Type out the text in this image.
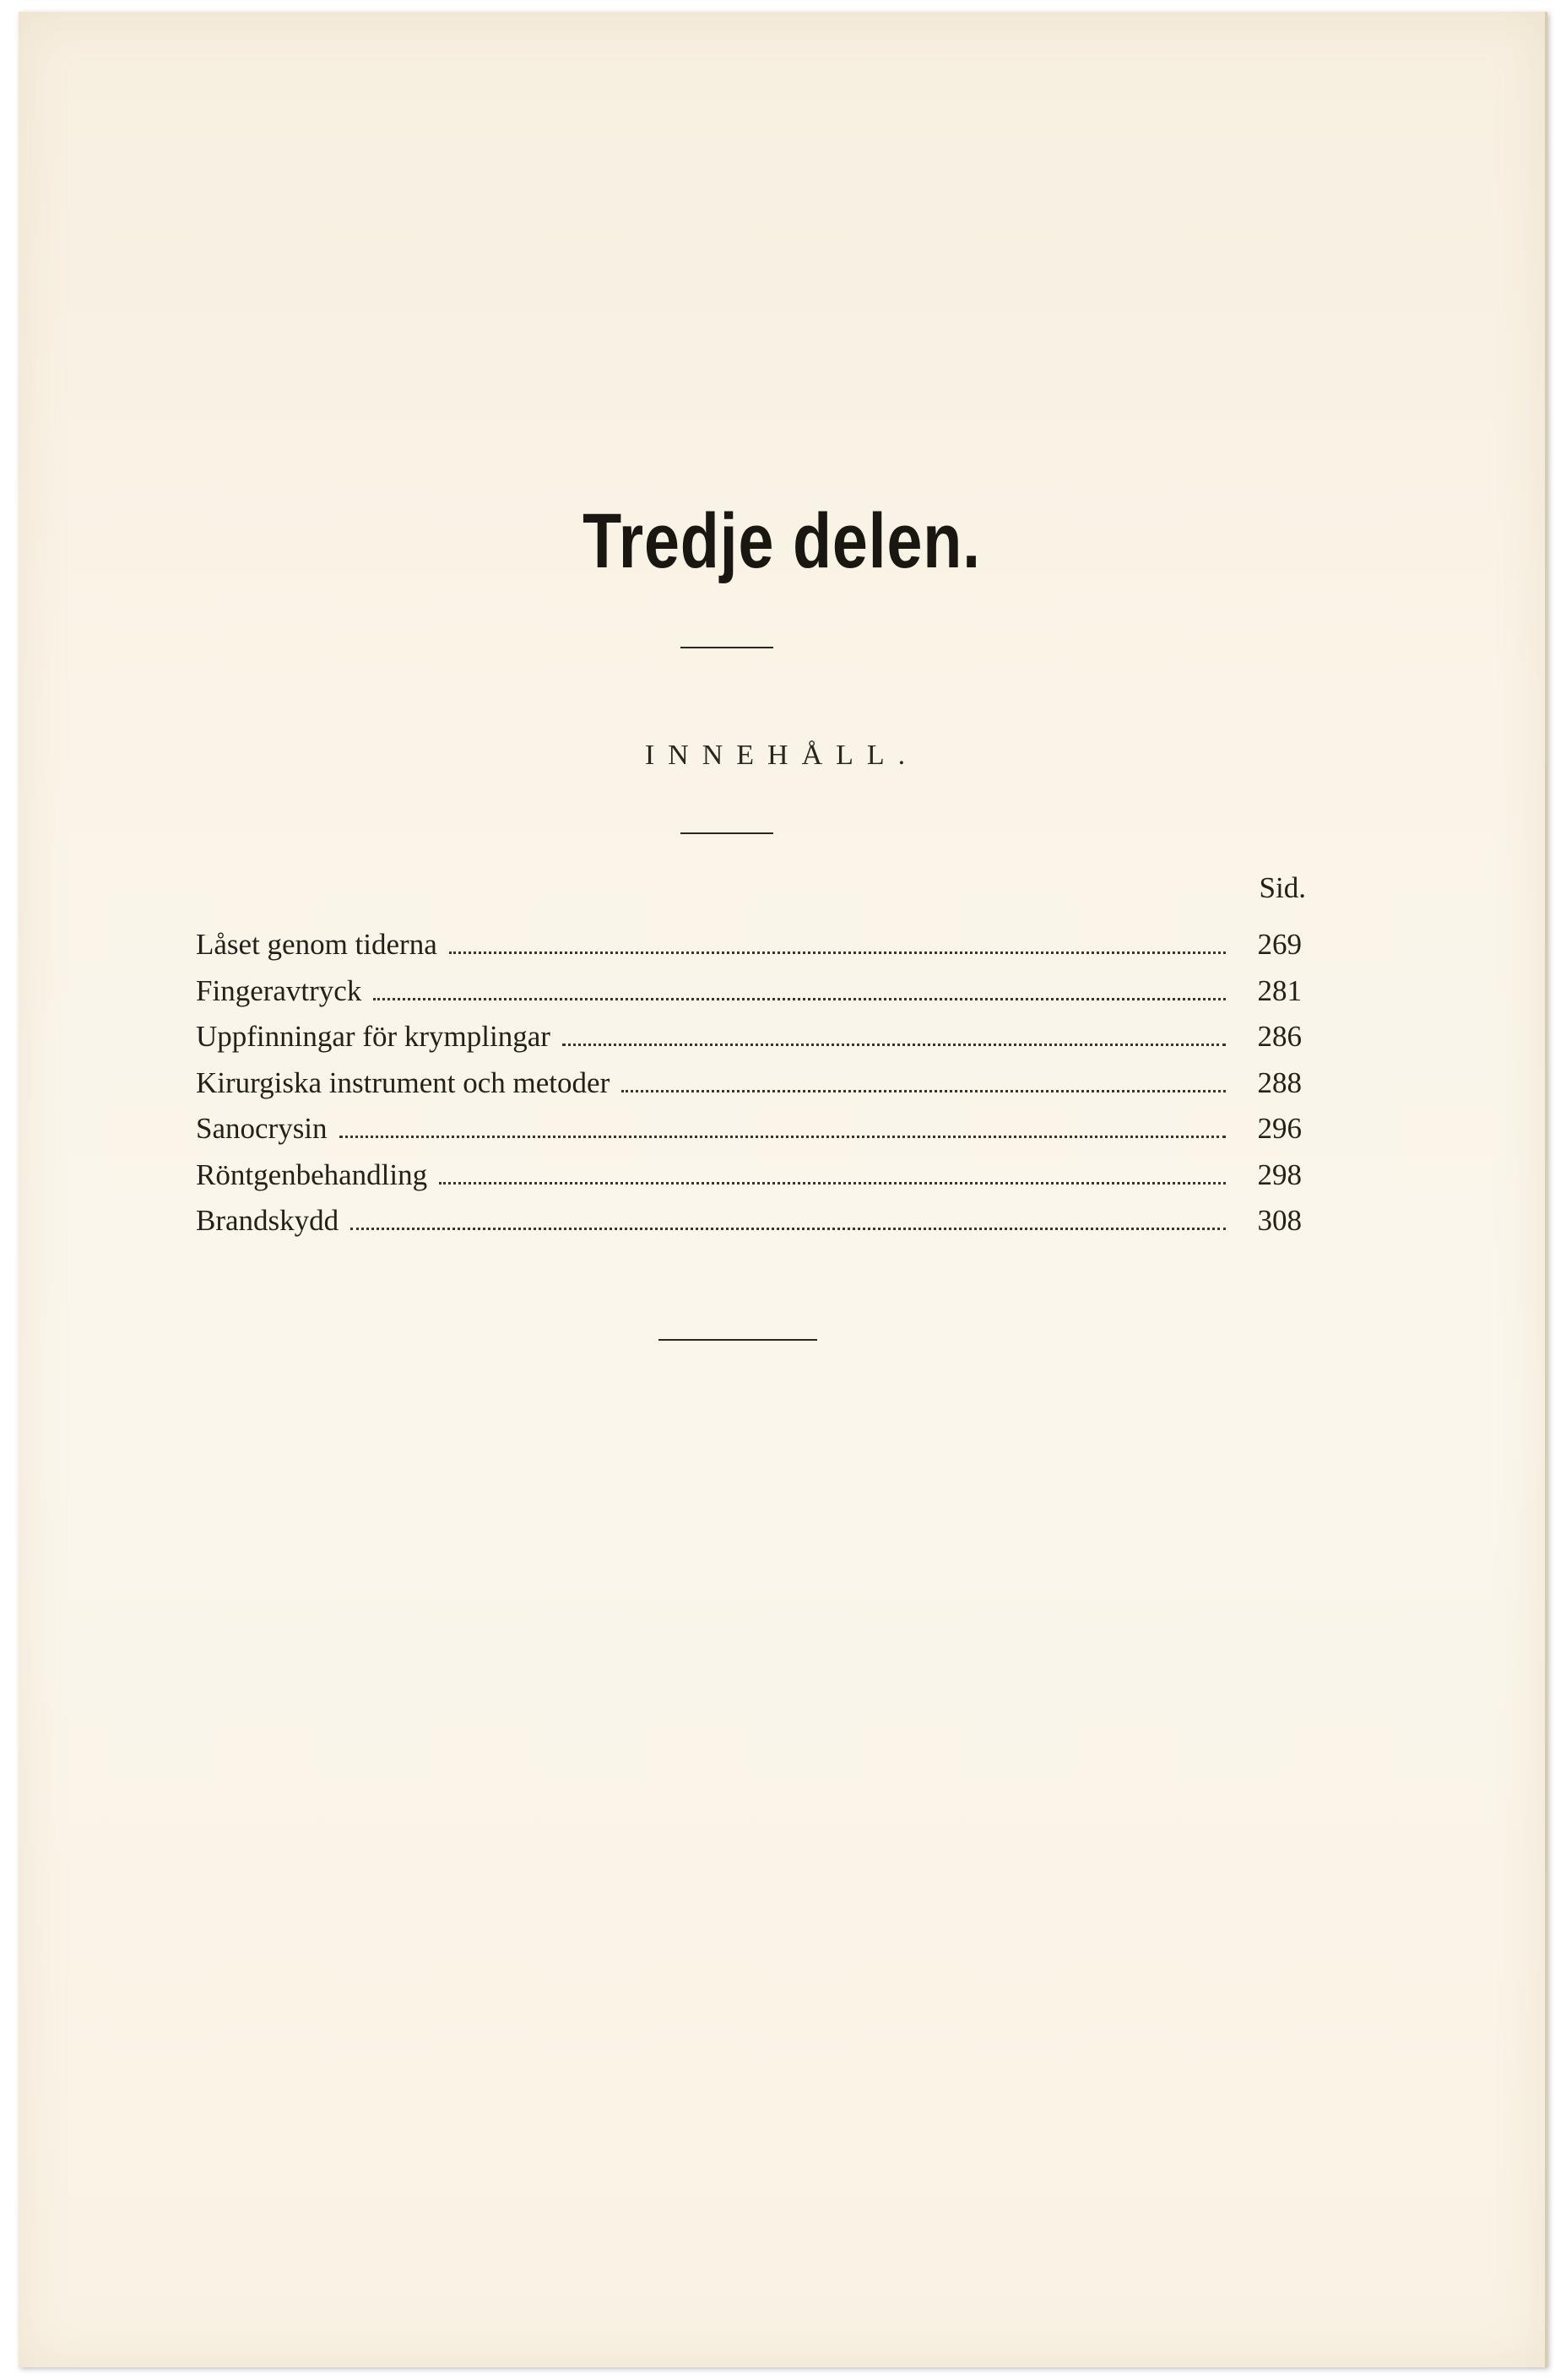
Tredje delen.
INNEHÅLL.
Sid.
Låset genom tiderna	269
Fingeravtryck	281
Uppfinningar för krymplingar	286
Kirurgiska instrument och metoder	288
Sanocrysin	296
Röntgenbehandling	298
Brandskydd	308
